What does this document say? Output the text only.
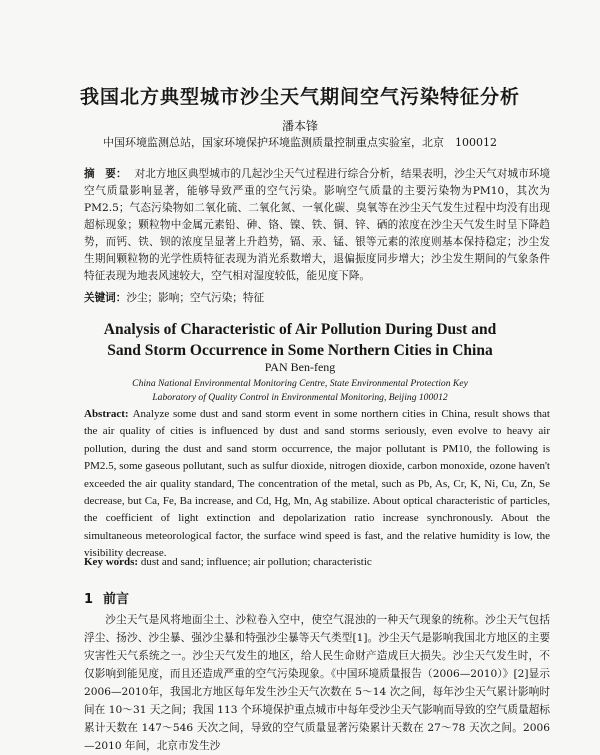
我国北方典型城市沙尘天气期间空气污染特征分析
潘本锋
中国环境监测总站，国家环境保护环境监测质量控制重点实验室，北京　100012
摘　要： 对北方地区典型城市的几起沙尘天气过程进行综合分析，结果表明，沙尘天气对城市环境空气质量影响显著，能够导致严重的空气污染。影响空气质量的主要污染物为PM10，其次为PM2.5；气态污染物如二氧化硫、二氧化氮、一氧化碳、臭氧等在沙尘天气发生过程中均没有出现超标现象；颗粒物中金属元素铅、砷、铬、镍、铁、铜、锌、硒的浓度在沙尘天气发生时呈下降趋势，而钙、铁、钡的浓度呈显著上升趋势，镉、汞、锰、银等元素的浓度则基本保持稳定；沙尘发生期间颗粒物的光学性质特征表现为消光系数增大，退偏振度同步增大；沙尘发生期间的气象条件特征表现为地表风速较大，空气相对湿度较低，能见度下降。
关键词：沙尘；影响；空气污染；特征
Analysis of Characteristic of Air Pollution During Dust and
Sand Storm Occurrence in Some Northern Cities in China
PAN Ben-feng
China National Environmental Monitoring Centre, State Environmental Protection Key
Laboratory of Quality Control in Environmental Monitoring, Beijing 100012
Abstract: Analyze some dust and sand storm event in some northern cities in China, result shows that the air quality of cities is influenced by dust and sand storms seriously, even evolve to heavy air pollution, during the dust and sand storm occurrence, the major pollutant is PM10, the following is PM2.5, some gaseous pollutant, such as sulfur dioxide, nitrogen dioxide, carbon monoxide, ozone haven't exceeded the air quality standard, The concentration of the metal, such as Pb, As, Cr, K, Ni, Cu, Zn, Se decrease, but Ca, Fe, Ba increase, and Cd, Hg, Mn, Ag stabilize. About optical characteristic of particles, the coefficient of light extinction and depolarization ratio increase synchronously. About the simultaneous meteorological factor, the surface wind speed is fast, and the relative humidity is low, the visibility decrease.
Key words: dust and sand; influence; air pollution; characteristic
1 前言

沙尘天气是风将地面尘土、沙粒卷入空中，使空气混浊的一种天气现象的统称。沙尘天气包括浮尘、扬沙、沙尘暴、强沙尘暴和特强沙尘暴等天气类型[1]。沙尘天气是影响我国北方地区的主要灾害性天气系统之一。沙尘天气发生的地区，给人民生命财产造成巨大损失。沙尘天气发生时，不仅影响到能见度，而且还造成严重的空气污染现象。《中国环境质量报告（2006—2010）》[2]显示 2006—2010年，我国北方地区每年发生沙尘天气次数在 5～14 次之间，每年沙尘天气累计影响时间在 10～31 天之间；我国 113 个环境保护重点城市中每年受沙尘天气影响而导致的空气质量超标累计天数在 147～546 天次之间，导致的空气质量显著污染累计天数在 27～78 天次之间。2006—2010 年间，北京市发生沙
